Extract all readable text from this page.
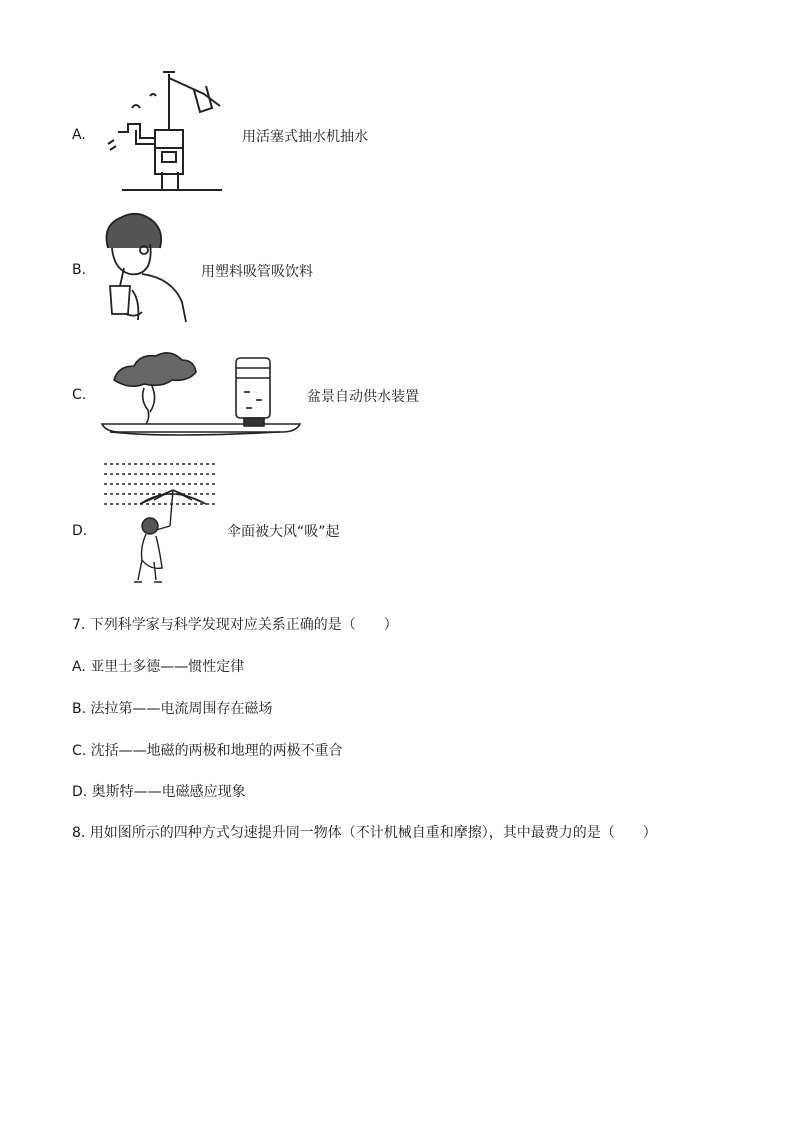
A.	用活塞式抽水机抽水
B.	用塑料吸管吸饮料
C.	盆景自动供水装置
D.	伞面被大风“吸”起
7. 下列科学家与科学发现对应关系正确的是（　　）
A. 亚里士多德——惯性定律
B. 法拉第——电流周围存在磁场
C. 沈括——地磁的两极和地理的两极不重合
D. 奥斯特——电磁感应现象
8. 用如图所示的四种方式匀速提升同一物体（不计机械自重和摩擦），其中最费力的是（　　）
